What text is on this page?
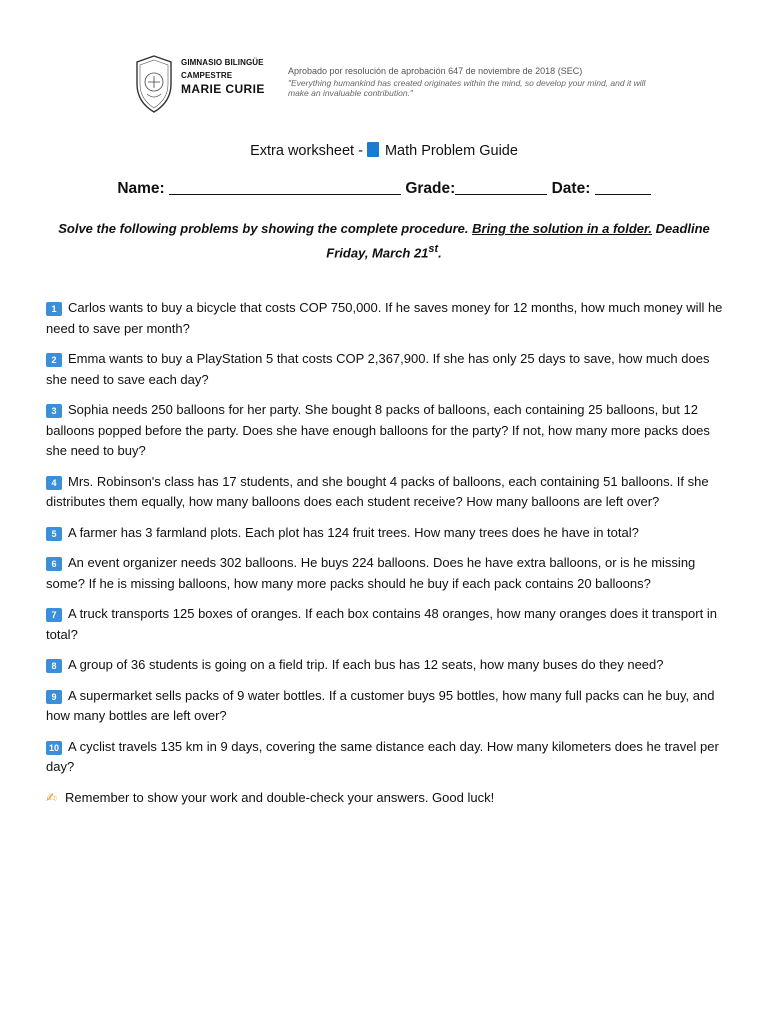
GIMNASIO BILINGÜE
CAMPESTRE
MARIE CURIE
Aprobado por resolución de aprobación 647 de noviembre de 2018 (SEC)
"Everything humankind has created originates within the mind, so develop your mind, and it will make an invaluable contribution."
Extra worksheet - Math Problem Guide
Name:	Grade:	Date:
Solve the following problems by showing the complete procedure. Bring the solution in a folder. Deadline Friday, March 21st.
1 Carlos wants to buy a bicycle that costs COP 750,000. If he saves money for 12 months, how much money will he need to save per month?
2 Emma wants to buy a PlayStation 5 that costs COP 2,367,900. If she has only 25 days to save, how much does she need to save each day?
3 Sophia needs 250 balloons for her party. She bought 8 packs of balloons, each containing 25 balloons, but 12 balloons popped before the party. Does she have enough balloons for the party? If not, how many more packs does she need to buy?
4 Mrs. Robinson's class has 17 students, and she bought 4 packs of balloons, each containing 51 balloons. If she distributes them equally, how many balloons does each student receive? How many balloons are left over?
5 A farmer has 3 farmland plots. Each plot has 124 fruit trees. How many trees does he have in total?
6 An event organizer needs 302 balloons. He buys 224 balloons. Does he have extra balloons, or is he missing some? If he is missing balloons, how many more packs should he buy if each pack contains 20 balloons?
7 A truck transports 125 boxes of oranges. If each box contains 48 oranges, how many oranges does it transport in total?
8 A group of 36 students is going on a field trip. If each bus has 12 seats, how many buses do they need?
9 A supermarket sells packs of 9 water bottles. If a customer buys 95 bottles, how many full packs can he buy, and how many bottles are left over?
10 A cyclist travels 135 km in 9 days, covering the same distance each day. How many kilometers does he travel per day?
✍ Remember to show your work and double-check your answers. Good luck!
